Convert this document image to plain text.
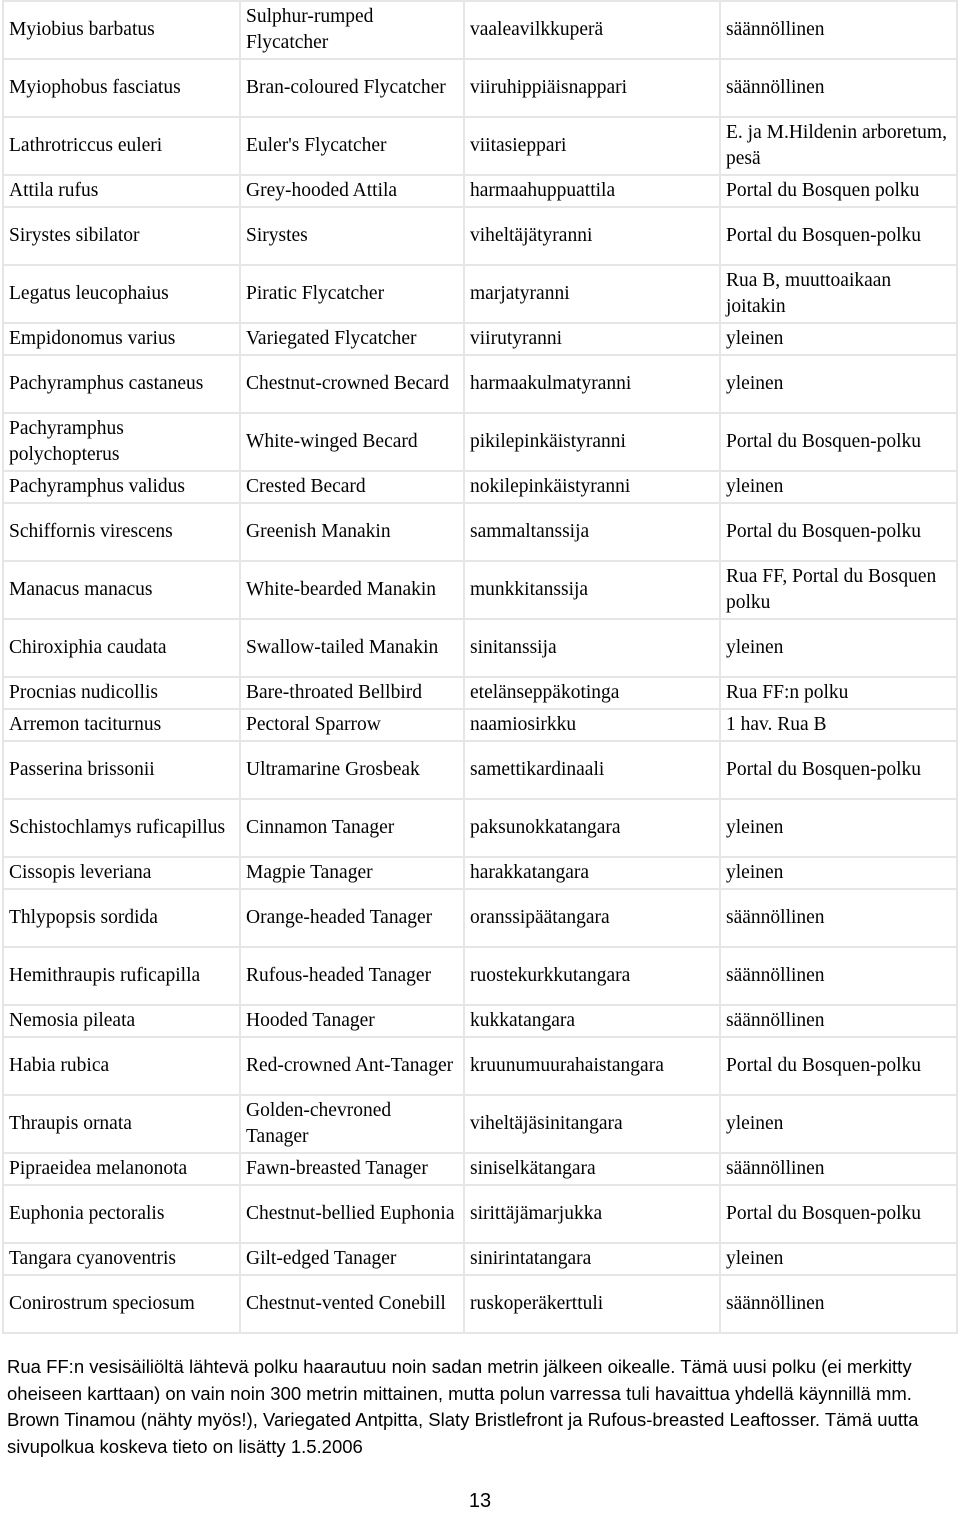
Myiobius barbatus	Sulphur-rumped Flycatcher	vaaleavilkkuperä	säännöllinen
Myiophobus fasciatus	Bran-coloured Flycatcher	viiruhippiäisnappari	säännöllinen
Lathrotriccus euleri	Euler's Flycatcher	viitasieppari	E. ja M.Hildenin arboretum, pesä
Attila rufus	Grey-hooded Attila	harmaahuppuattila	Portal du Bosquen polku
Sirystes sibilator	Sirystes	viheltäjätyranni	Portal du Bosquen-polku
Legatus leucophaius	Piratic Flycatcher	marjatyranni	Rua B, muuttoaikaan joitakin
Empidonomus varius	Variegated Flycatcher	viirutyranni	yleinen
Pachyramphus castaneus	Chestnut-crowned Becard	harmaakulmatyranni	yleinen
Pachyramphus polychopterus	White-winged Becard	pikilepinkäistyranni	Portal du Bosquen-polku
Pachyramphus validus	Crested Becard	nokilepinkäistyranni	yleinen
Schiffornis virescens	Greenish Manakin	sammaltanssija	Portal du Bosquen-polku
Manacus manacus	White-bearded Manakin	munkkitanssija	Rua FF, Portal du Bosquen polku
Chiroxiphia caudata	Swallow-tailed Manakin	sinitanssija	yleinen
Procnias nudicollis	Bare-throated Bellbird	etelänseppäkotinga	Rua FF:n polku
Arremon taciturnus	Pectoral Sparrow	naamiosirkku	1 hav. Rua B
Passerina brissonii	Ultramarine Grosbeak	samettikardinaali	Portal du Bosquen-polku
Schistochlamys ruficapillus	Cinnamon Tanager	paksunokkatangara	yleinen
Cissopis leveriana	Magpie Tanager	harakkatangara	yleinen
Thlypopsis sordida	Orange-headed Tanager	oranssipäätangara	säännöllinen
Hemithraupis ruficapilla	Rufous-headed Tanager	ruostekurkkutangara	säännöllinen
Nemosia pileata	Hooded Tanager	kukkatangara	säännöllinen
Habia rubica	Red-crowned Ant-Tanager	kruunumuurahaistangara	Portal du Bosquen-polku
Thraupis ornata	Golden-chevroned Tanager	viheltäjäsinitangara	yleinen
Pipraeidea melanonota	Fawn-breasted Tanager	siniselkätangara	säännöllinen
Euphonia pectoralis	Chestnut-bellied Euphonia	sirittäjämarjukka	Portal du Bosquen-polku
Tangara cyanoventris	Gilt-edged Tanager	sinirintatangara	yleinen
Conirostrum speciosum	Chestnut-vented Conebill	ruskoperäkerttuli	säännöllinen
Rua FF:n vesisäiliöltä lähtevä polku haarautuu noin sadan metrin jälkeen oikealle. Tämä uusi polku (ei merkitty oheiseen karttaan) on vain noin 300 metrin mittainen, mutta polun varressa tuli havaittua yhdellä käynnillä mm. Brown Tinamou (nähty myös!), Variegated Antpitta, Slaty Bristlefront ja Rufous-breasted Leaftosser. Tämä uutta sivupolkua koskeva tieto on lisätty 1.5.2006
13
